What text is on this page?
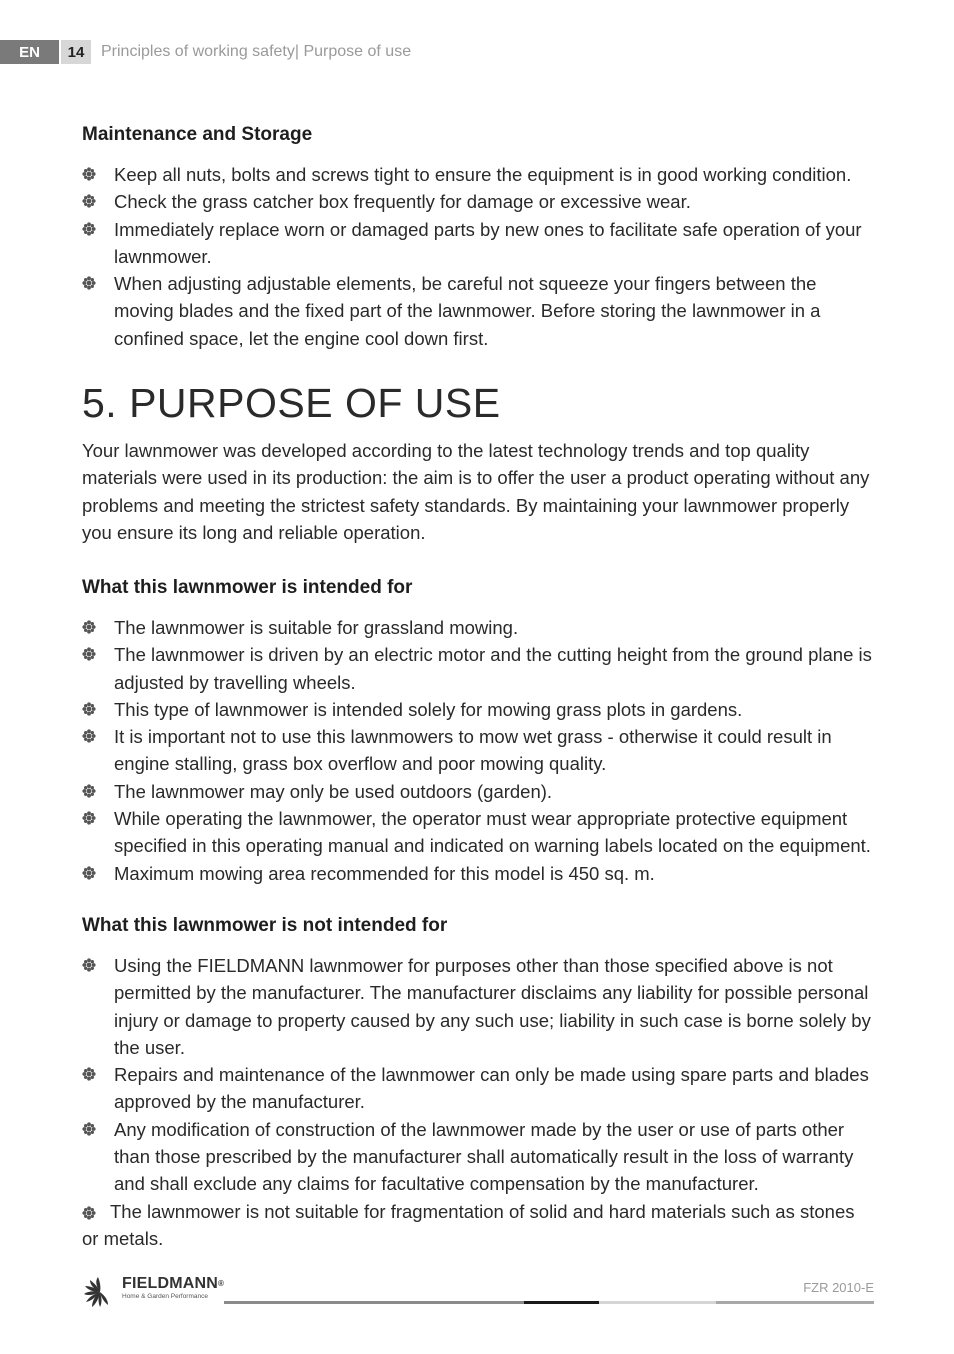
EN	14	Principles of working safety| Purpose of use
Maintenance and Storage
Keep all nuts, bolts and screws tight to ensure the equipment is in good working condition.
Check the grass catcher box frequently for damage or excessive wear.
Immediately replace worn or damaged parts by new ones to facilitate safe operation of your lawnmower.
When adjusting adjustable elements, be careful not squeeze your fingers between the moving blades and the fixed part of the lawnmower. Before storing the lawnmower in a confined space, let the engine cool down first.
5. PURPOSE OF USE

Your lawnmower was developed according to the latest technology trends and top quality materials were used in its production: the aim is to offer the user a product operating without any problems and meeting the strictest safety standards. By maintaining your lawnmower properly you ensure its long and reliable operation.

What this lawnmower is intended for
The lawnmower is suitable for grassland mowing.
The lawnmower is driven by an electric motor and the cutting height from the ground plane is adjusted by travelling wheels.
This type of lawnmower is intended solely for mowing grass plots in gardens.
It is important not to use this lawnmowers to mow wet grass - otherwise it could result in engine stalling, grass box overflow and poor mowing quality.
The lawnmower may only be used outdoors (garden).
While operating the lawnmower, the operator must wear appropriate protective equipment specified in this operating manual and indicated on warning labels located on the equipment.
Maximum mowing area recommended for this model is 450 sq. m.
What this lawnmower is not intended for
Using the FIELDMANN lawnmower for purposes other than those specified above is not permitted by the manufacturer. The manufacturer disclaims any liability for possible personal injury or damage to property caused by any such use; liability in such case is borne solely by the user.
Repairs and maintenance of the lawnmower can only be made using spare parts and blades approved by the manufacturer.
Any modification of construction of the lawnmower made by the user or use of parts other than those prescribed by the manufacturer shall automatically result in the loss of warranty and shall exclude any claims for facultative compensation by the manufacturer.
The lawnmower is not suitable for fragmentation of solid and hard materials such as stones or metals.
FIELDMANN®
Home & Garden Performance
FZR 2010-E
